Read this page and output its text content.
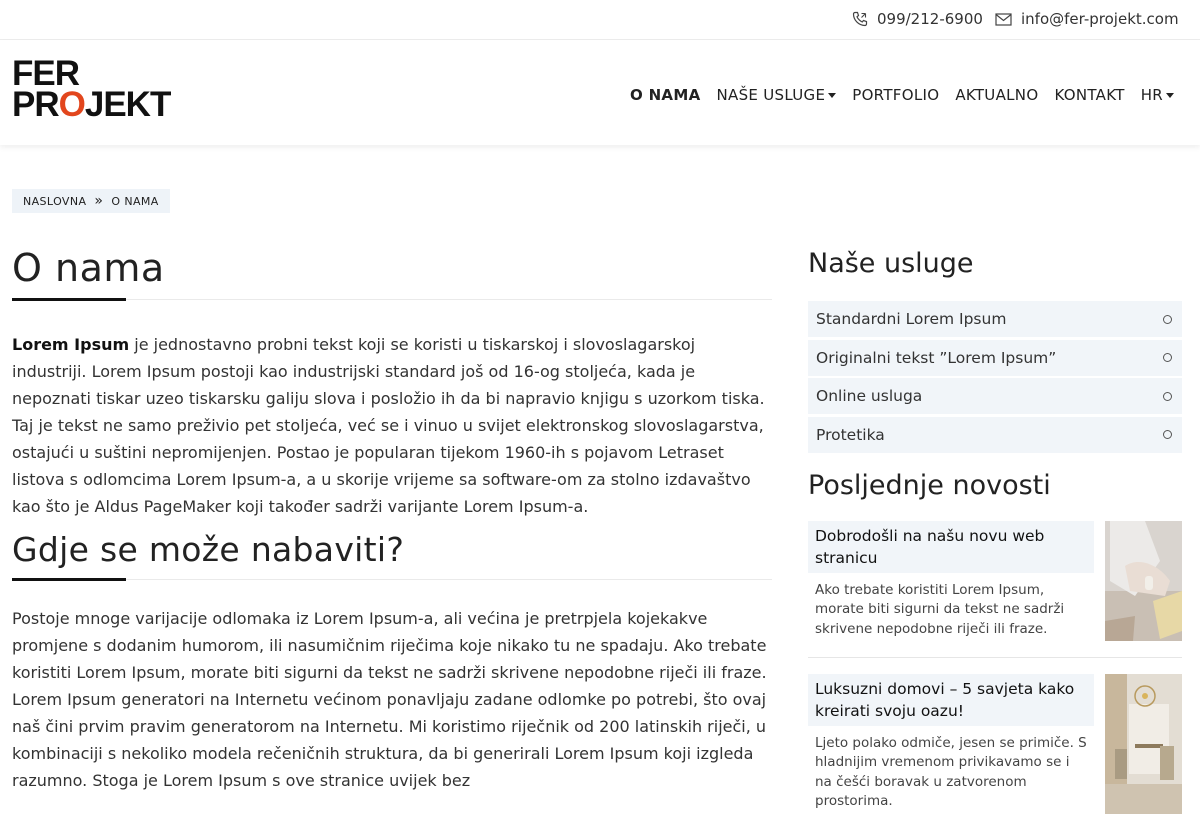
099/212-6900	info@fer-projekt.com
FER
PROJEKT	O NAMA NAŠE USLUGE PORTFOLIO AKTUALNO KONTAKT HR
NASLOVNA » O NAMA
O nama

Lorem Ipsum je jednostavno probni tekst koji se koristi u tiskarskoj i slovoslagarskoj industriji. Lorem Ipsum postoji kao industrijski standard još od 16-og stoljeća, kada je nepoznati tiskar uzeo tiskarsku galiju slova i posložio ih da bi napravio knjigu s uzorkom tiska. Taj je tekst ne samo preživio pet stoljeća, već se i vinuo u svijet elektronskog slovoslagarstva, ostajući u suštini nepromijenjen. Postao je popularan tijekom 1960-ih s pojavom Letraset listova s odlomcima Lorem Ipsum-a, a u skorije vrijeme sa software-om za stolno izdavaštvo kao što je Aldus PageMaker koji također sadrži varijante Lorem Ipsum-a.

Gdje se može nabaviti?

Postoje mnoge varijacije odlomaka iz Lorem Ipsum-a, ali većina je pretrpjela kojekakve promjene s dodanim humorom, ili nasumičnim riječima koje nikako tu ne spadaju. Ako trebate koristiti Lorem Ipsum, morate biti sigurni da tekst ne sadrži skrivene nepodobne riječi ili fraze. Lorem Ipsum generatori na Internetu većinom ponavljaju zadane odlomke po potrebi, što ovaj naš čini prvim pravim generatorom na Internetu. Mi koristimo riječnik od 200 latinskih riječi, u kombinaciji s nekoliko modela rečeničnih struktura, da bi generirali Lorem Ipsum koji izgleda razumno. Stoga je Lorem Ipsum s ove stranice uvijek bez

Naše usluge
Standardni Lorem Ipsum
Originalni tekst ”Lorem Ipsum”
Online usluga
Protetika
Posljednje novosti
Dobrodošli na našu novu web stranicu
Ako trebate koristiti Lorem Ipsum, morate biti sigurni da tekst ne sadrži skrivene nepodobne riječi ili fraze.
Luksuzni domovi – 5 savjeta kako kreirati svoju oazu!
Ljeto polako odmiče, jesen se primiče. S hladnijim vremenom privikavamo se i na češći boravak u zatvorenom prostorima.
